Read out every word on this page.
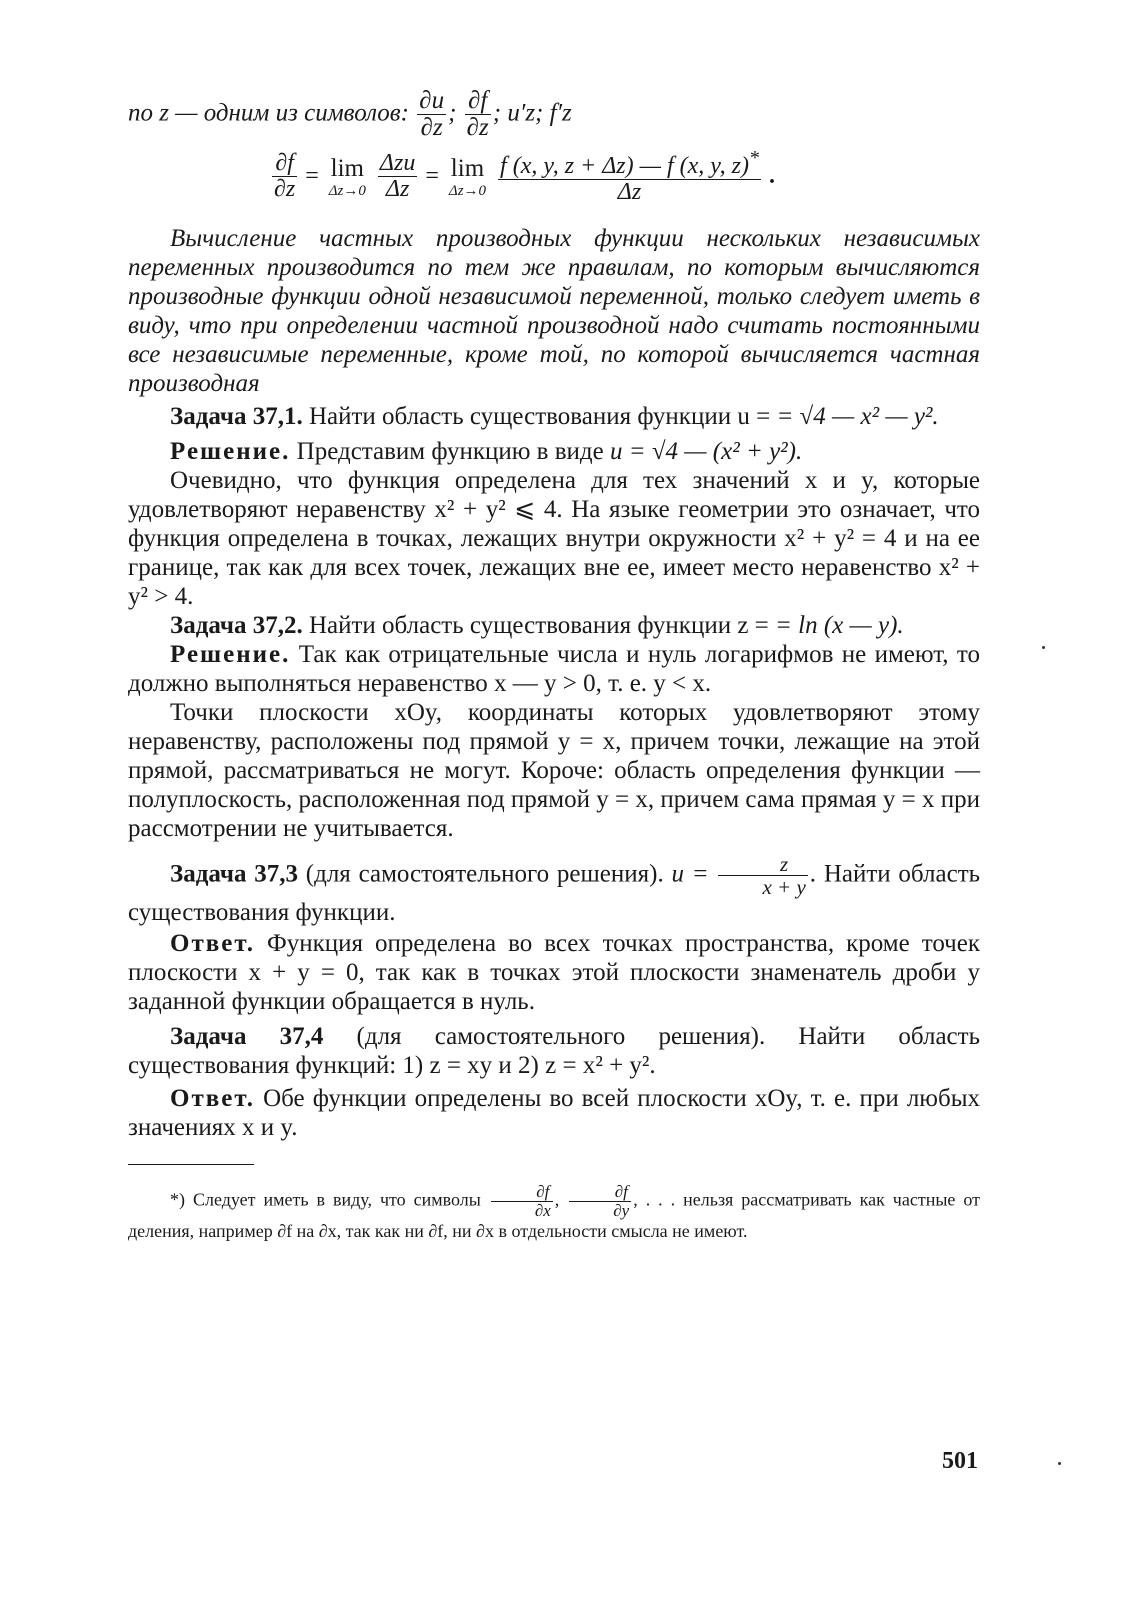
по z — одним из символов: $\frac{\partial u}{\partial z}$ ; $\frac{\partial f}{\partial z}$ ; u′z; f′z
$\frac{\partial f}{\partial z} = \lim$
Δz→0

Δzu
Δz
= lim
Δz→0
$\frac{f (x, y, z + \Delta z) — f (x, y, z)^*}{\Delta z}$ .

Вычисление частных производных функции нескольких независимых переменных производится по тем же правилам, по которым вычисляются производные функции одной независимой переменной, только следует иметь в виду, что при определении частной производной надо считать постоянными все независимые переменные, кроме той, по которой вычисляется частная производная

Задача 37,1. Найти область существования функции u = = √4 — x² — y².

Решение. Представим функцию в виде u = √4 — (x² + y²).

Очевидно, что функция определена для тех значений x и y, которые удовлетворяют неравенству x² + y² ⩽ 4. На языке геометрии это означает, что функция определена в точках, лежащих внутри окружности x² + y² = 4 и на ее границе, так как для всех точек, лежащих вне ее, имеет место неравенство x² + y² > 4.

Задача 37,2. Найти область существования функции z = = ln (x — y).

Решение. Так как отрицательные числа и нуль логарифмов не имеют, то должно выполняться неравенство x — y > 0, т. е. y < x.

Точки плоскости xOy, координаты которых удовлетворяют этому неравенству, расположены под прямой y = x, причем точки, лежащие на этой прямой, рассматриваться не могут. Короче: область определения функции — полуплоскость, расположенная под прямой y = x, причем сама прямая y = x при рассмотрении не учитывается.

Задача 37,3 (для самостоятельного решения). $u = \frac{z}{x + y}$ . Найти область существования функции.

Ответ. Функция определена во всех точках пространства, кроме точек плоскости x + y = 0, так как в точках этой плоскости знаменатель дроби у заданной функции обращается в нуль.

Задача 37,4 (для самостоятельного решения). Найти область существования функций: 1) z = xy и 2) z = x² + y².

Ответ. Обе функции определены во всей плоскости xOy, т. е. при любых значениях x и y.

*) Следует иметь в виду, что символы $\frac{\partial f}{\partial x}$ , $\frac{\partial f}{\partial y}$ , . . . нельзя рассматривать как частные от деления, например ∂f на ∂x, так как ни ∂f, ни ∂x в отдельности смысла не имеют.

501
